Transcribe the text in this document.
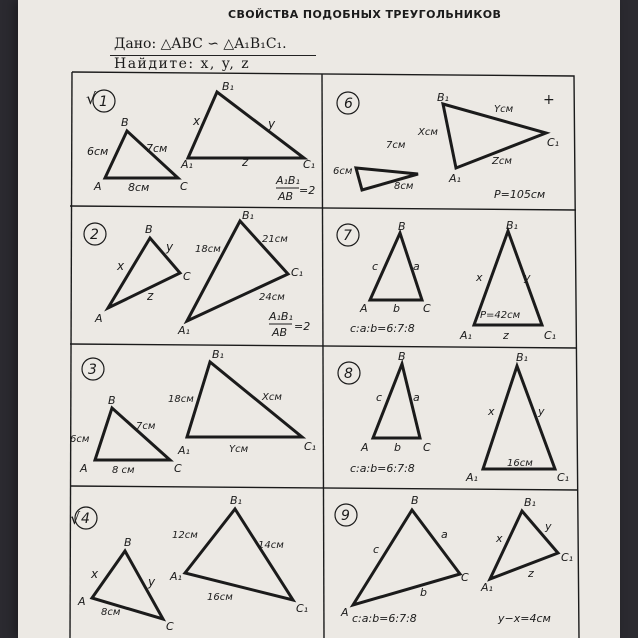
СВОЙСТВА ПОДОБНЫХ ТРЕУГОЛЬНИКОВ
Дано: △ABC ∽ △A₁B₁C₁.
Найдите: x, y, z
√ 1
B
A	C
7см
6см
8см
B₁
A₁	C₁
x	y
z
A₁B₁
AB =2
6
7см
6см
8см
B₁
C₁
A₁
Xсм
Yсм
Zсм
P=105см
+
2	B
A
C
x
y
z
B₁
A₁
C₁
18см
21см
24см
A₁B₁
AB =2
7
B
A	C
c	a
b
B₁
A₁	C₁
x	y
z
P=42см
c:a:b=6:7:8
3
B
A	C
7см
6см
8 см
B₁
A₁	C₁
18см	Xсм
Yсм
8
B
A	C
c	a
b
B₁
A₁	C₁
x	y
16см
c:a:b=6:7:8
√ 4
B
A
C
x
y
8см
B₁
A₁
C₁
12см
14см
16см
9
B
A
C
c
a
b
B₁
A₁
C₁
x
y
z
c:a:b=6:7:8	y−x=4см
